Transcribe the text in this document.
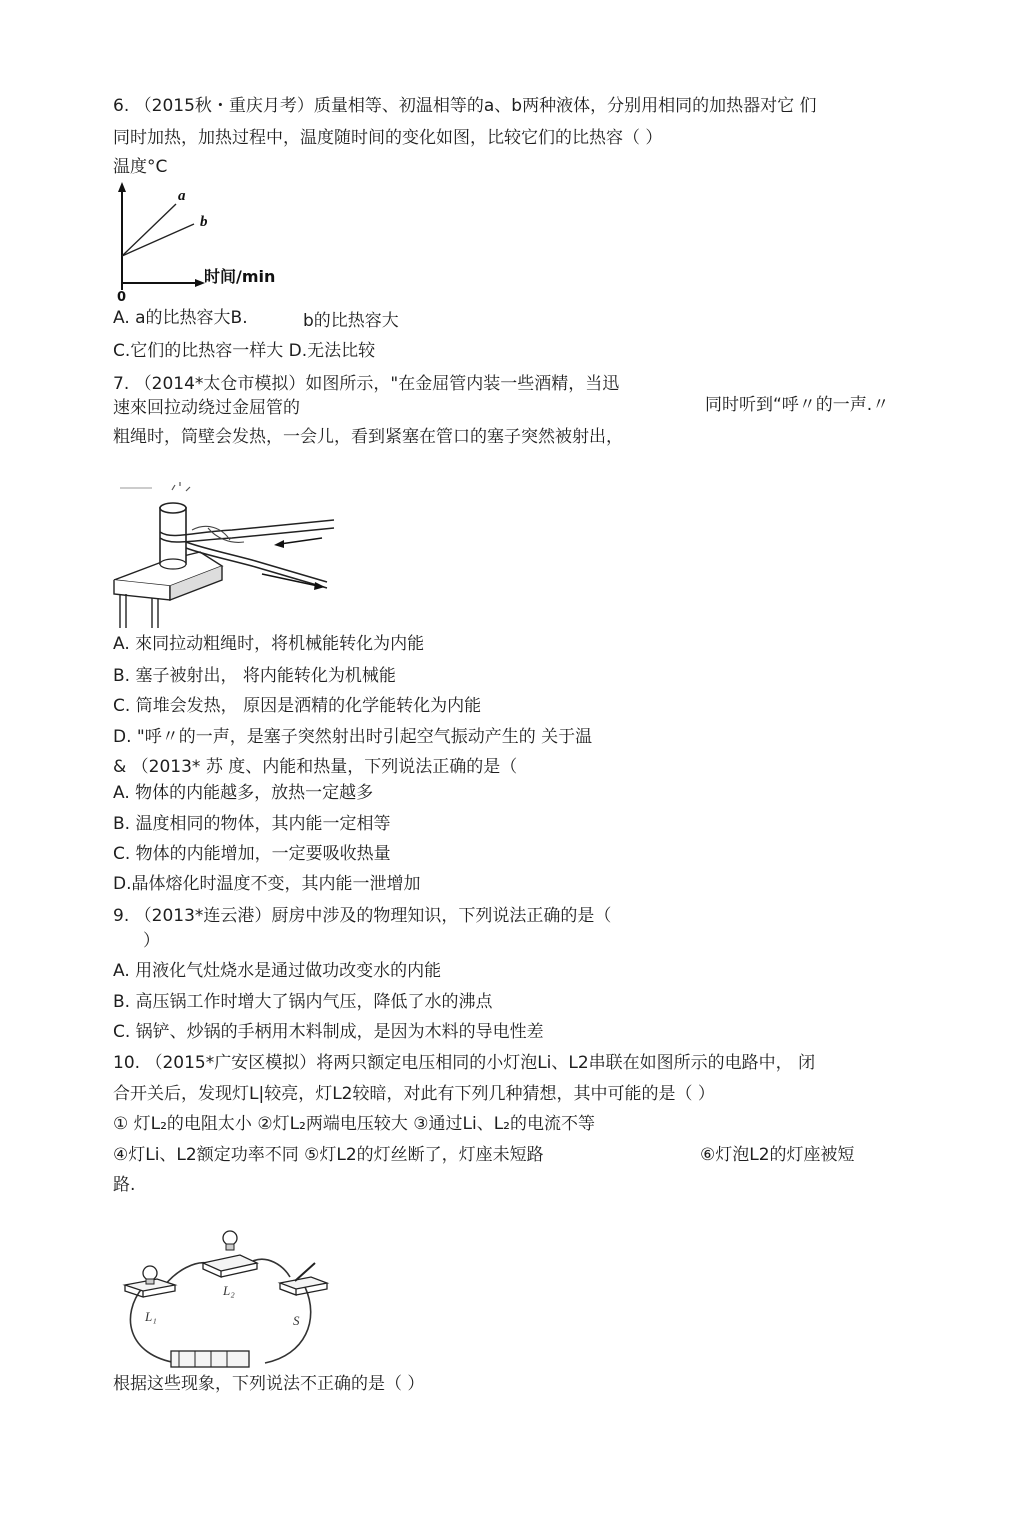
6. （2015秋・重庆月考）质量相等、初温相等的a、b两种液体，分别用相同的加热器对它 们
同时加热，加热过程中，温度随时间的变化如图，比较它们的比热容（ ）
温度°C
a
b
时间/min
0
A. a的比热容大B.	b的比热容大
C.它们的比热容一样大 D.无法比较
7. （2014*太仓市模拟）如图所示，"在金屈管内装一些酒精，当迅
速來回拉动绕过金屈管的	同时听到“呼〃的一声.〃
粗绳时，筒壁会发热，一会儿，看到紧塞在管口的塞子突然被射出，
A. 來同拉动粗绳时，将机械能转化为内能
B. 塞子被射出， 将内能转化为机械能
C. 筒堆会发热， 原因是洒精的化学能转化为内能
D. "呼〃的一声，是塞子突然射出时引起空气振动产生的 关于温
& （2013* 苏 度、内能和热量，下列说法正确的是（
A. 物体的内能越多，放热一定越多
B. 温度相同的物体，其内能一定相等
C. 物体的内能增加，一定要吸收热量
D.晶体熔化时温度不变，其内能一泄增加
9. （2013*连云港）厨房中涉及的物理知识，下列说法正确的是（
）
A. 用液化气灶烧水是通过做功改变水的内能
B. 高压锅工作时增大了锅内气压，降低了水的沸点
C. 锅铲、炒锅的手柄用木料制成，是因为木料的导电性差
10. （2015*广安区模拟）将两只额定电压相同的小灯泡Li、L2串联在如图所示的电路中， 闭
合开关后，发现灯L|较亮，灯L2较暗，对此有下列几种猜想，其中可能的是（ ）
① 灯L₂的电阻太小 ②灯L₂两端电压较大 ③通过Li、L₂的电流不等
④灯Li、L2额定功率不同 ⑤灯L2的灯丝断了，灯座未短路	⑥灯泡L2的灯座被短
路.
L₁
L₂
S
根据这些现象，下列说法不正确的是（ ）
